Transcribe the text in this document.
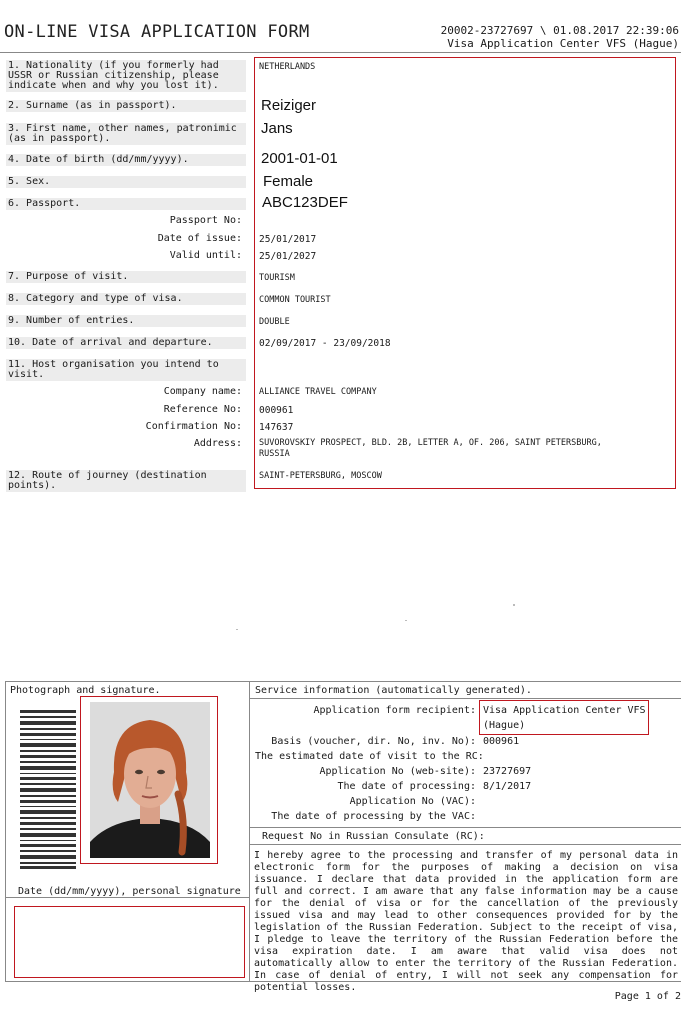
ON-LINE VISA APPLICATION FORM	20002-23727697 \ 01.08.2017 22:39:06
Visa Application Center VFS (Hague)
1. Nationality (if you formerly had
USSR or Russian citizenship, please
indicate when and why you lost it).
NETHERLANDS
2. Surname (as in passport).	Reiziger
3. First name, other names, patronimic
(as in passport).
Jans
4. Date of birth (dd/mm/yyyy).	2001-01-01
5. Sex.	Female
6. Passport.	ABC123DEF
Passport No:
Date of issue: 25/01/2017
Valid until: 25/01/2027
7. Purpose of visit.	TOURISM
8. Category and type of visa.	COMMON TOURIST
9. Number of entries.	DOUBLE
10. Date of arrival and departure.	02/09/2017 - 23/09/2018
11. Host organisation you intend to
visit.
Company name: ALLIANCE TRAVEL COMPANY
Reference No: 000961
Confirmation No: 147637
Address: SUVOROVSKIY PROSPECT, BLD. 2B, LETTER A, OF. 206, SAINT PETERSBURG,
RUSSIA
12. Route of journey (destination
points).
SAINT-PETERSBURG, MOSCOW
Photograph and signature.
Date (dd/mm/yyyy), personal signature
Service information (automatically generated).
Application form recipient: Visa Application Center VFS
(Hague)
Basis (voucher, dir. No, inv. No): 000961
The estimated date of visit to the RC:
Application No (web-site): 23727697
The date of processing: 8/1/2017
Application No (VAC):
The date of processing by the VAC:
Request No in Russian Consulate (RC):
I hereby agree to the processing and transfer of my personal data in electronic form for the purposes of making a decision on visa issuance. I declare that data provided in the application form are full and correct. I am aware that any false information may be a cause for the denial of visa or for the cancellation of the previously issued visa and may lead to other consequences provided for by the legislation of the Russian Federation. Subject to the receipt of visa, I pledge to leave the territory of the Russian Federation before the visa expiration date. I am aware that valid visa does not automatically allow to enter the territory of the Russian Federation. In case of denial of entry, I will not seek any compensation for potential losses.
Page 1 of 2
